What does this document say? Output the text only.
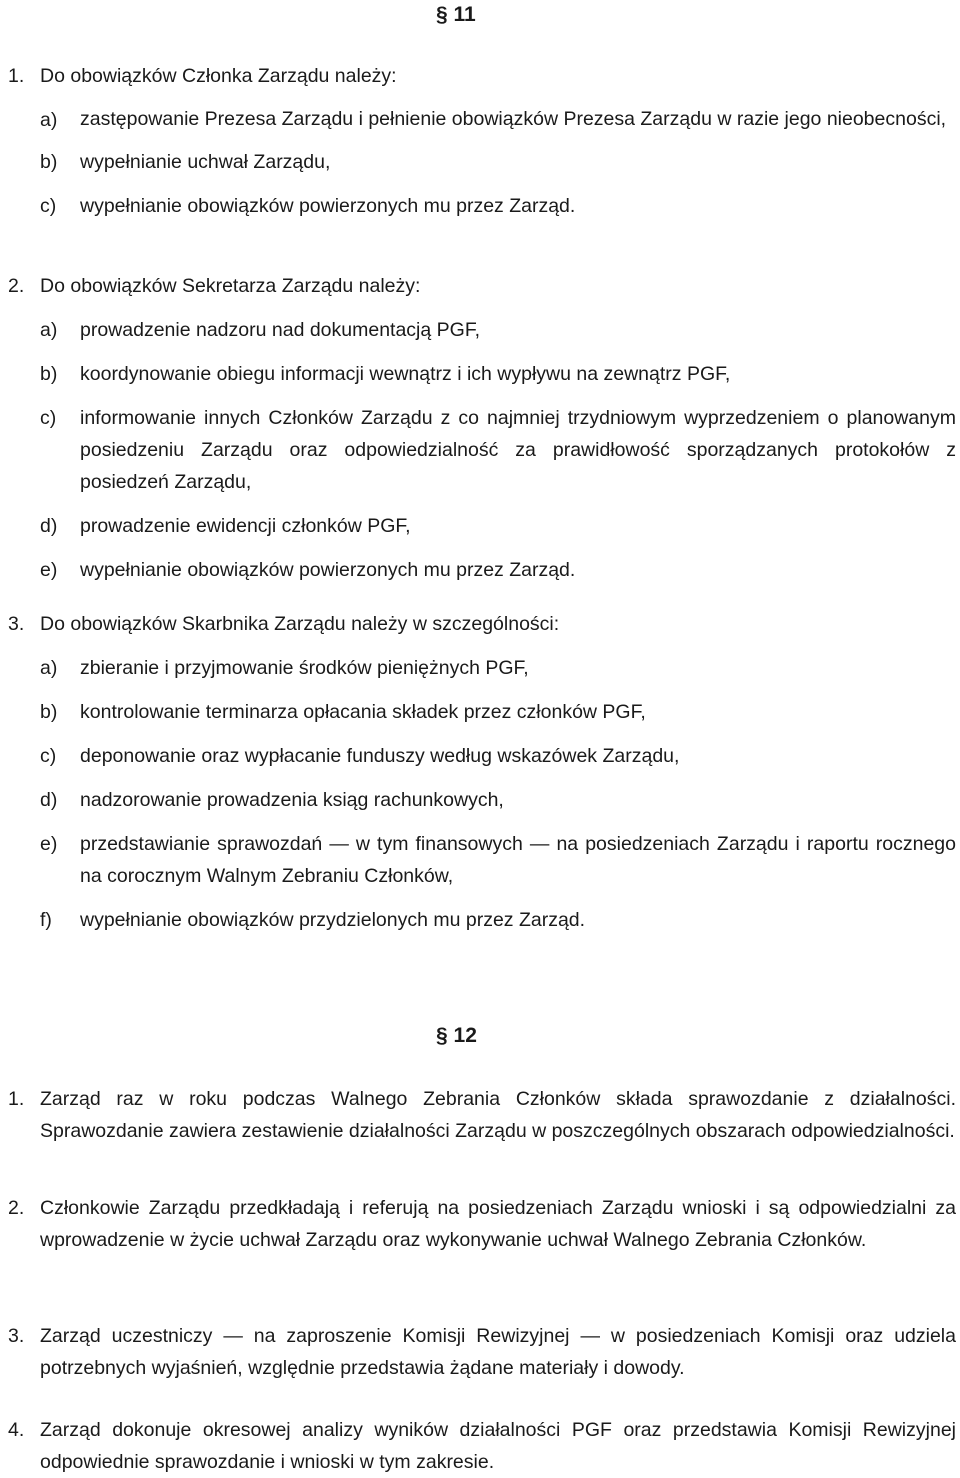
§ 11
1. Do obowiązków Członka Zarządu należy:
a)	zastępowanie Prezesa Zarządu i pełnienie obowiązków Prezesa Zarządu w razie jego nieobecności,
b)	wypełnianie uchwał Zarządu,
c)	wypełnianie obowiązków powierzonych mu przez Zarząd.
2. Do obowiązków Sekretarza Zarządu należy:
a)	prowadzenie nadzoru nad dokumentacją PGF,
b)	koordynowanie obiegu informacji wewnątrz i ich wypływu na zewnątrz PGF,
c)	informowanie innych Członków Zarządu z co najmniej trzydniowym wyprzedzeniem o planowanym posiedzeniu Zarządu oraz odpowiedzialność za prawidłowość sporządzanych protokołów z posiedzeń Zarządu,
d)	prowadzenie ewidencji członków PGF,
e)	wypełnianie obowiązków powierzonych mu przez Zarząd.
3. Do obowiązków Skarbnika Zarządu należy w szczególności:
a)	zbieranie i przyjmowanie środków pieniężnych PGF,
b)	kontrolowanie terminarza opłacania składek przez członków PGF,
c)	deponowanie oraz wypłacanie funduszy według wskazówek Zarządu,
d)	nadzorowanie prowadzenia ksiąg rachunkowych,
e)	przedstawianie sprawozdań — w tym finansowych — na posiedzeniach Zarządu i raportu rocznego na corocznym Walnym Zebraniu Członków,
f)	wypełnianie obowiązków przydzielonych mu przez Zarząd.
§ 12
1. Zarząd raz w roku podczas Walnego Zebrania Członków składa sprawozdanie z działalności. Sprawozdanie zawiera zestawienie działalności Zarządu w poszczególnych obszarach odpowiedzialności.
2. Członkowie Zarządu przedkładają i referują na posiedzeniach Zarządu wnioski i są odpowiedzialni za wprowadzenie w życie uchwał Zarządu oraz wykonywanie uchwał Walnego Zebrania Członków.
3. Zarząd uczestniczy — na zaproszenie Komisji Rewizyjnej — w posiedzeniach Komisji oraz udziela potrzebnych wyjaśnień, względnie przedstawia żądane materiały i dowody.
4. Zarząd dokonuje okresowej analizy wyników działalności PGF oraz przedstawia Komisji Rewizyjnej odpowiednie sprawozdanie i wnioski w tym zakresie.
